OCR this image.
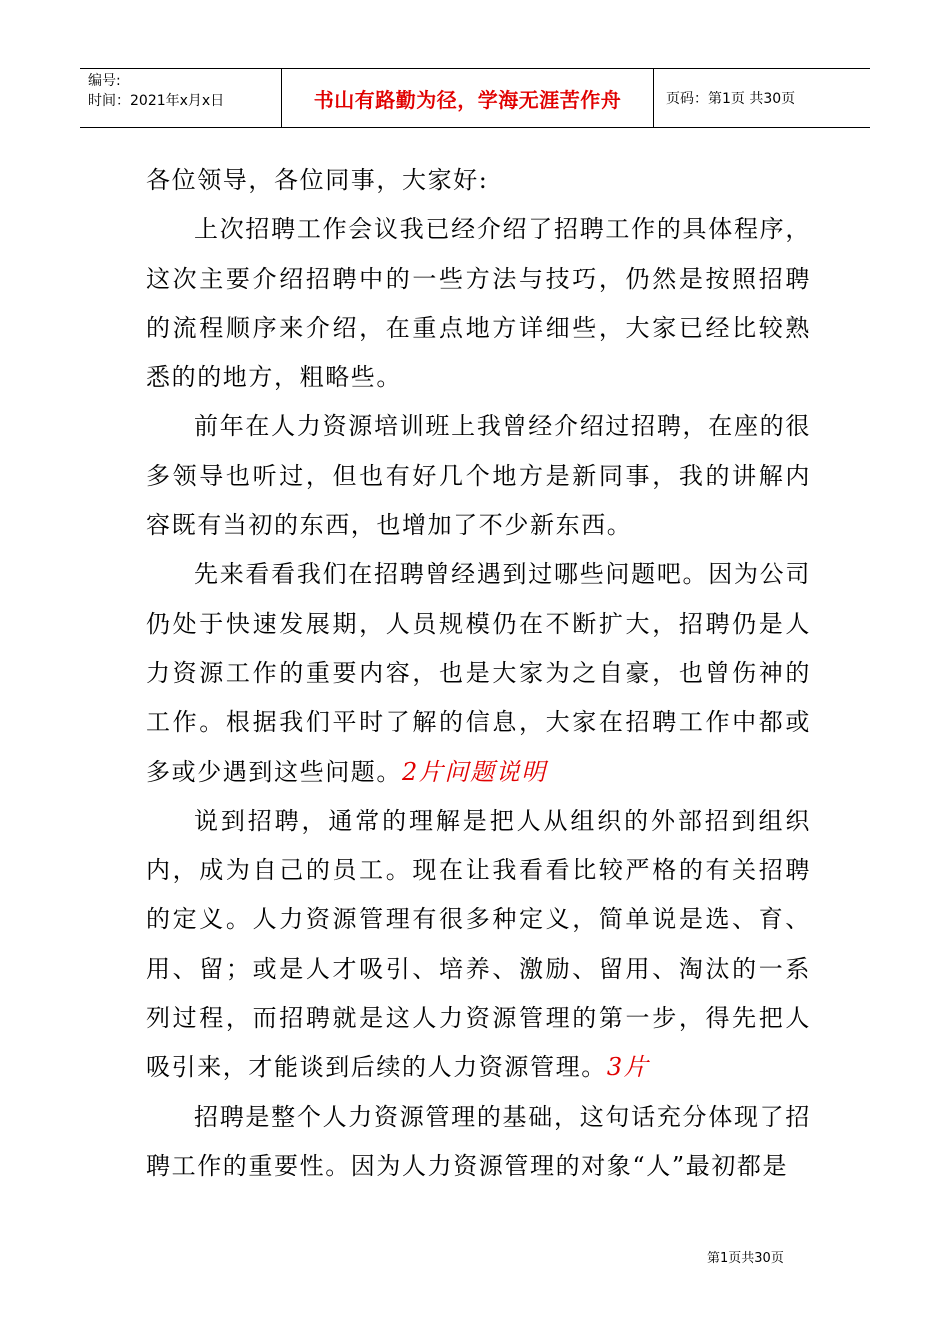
编号:
时间：2021年x月x日	书山有路勤为径，学海无涯苦作舟	页码：第1页 共30页

各位领导，各位同事，大家好:

上次招聘工作会议我已经介绍了招聘工作的具体程序，这次主要介绍招聘中的一些方法与技巧，仍然是按照招聘的流程顺序来介绍，在重点地方详细些，大家已经比较熟悉的的地方，粗略些。

前年在人力资源培训班上我曾经介绍过招聘，在座的很多领导也听过，但也有好几个地方是新同事，我的讲解内容既有当初的东西，也增加了不少新东西。

先来看看我们在招聘曾经遇到过哪些问题吧。因为公司仍处于快速发展期，人员规模仍在不断扩大，招聘仍是人力资源工作的重要内容，也是大家为之自豪，也曾伤神的工作。根据我们平时了解的信息，大家在招聘工作中都或多或少遇到这些问题。2片问题说明

说到招聘，通常的理解是把人从组织的外部招到组织内，成为自己的员工。现在让我看看比较严格的有关招聘的定义。人力资源管理有很多种定义，简单说是选、育、用、留；或是人才吸引、培养、激励、留用、淘汰的一系列过程，而招聘就是这人力资源管理的第一步，得先把人吸引来，才能谈到后续的人力资源管理。3片

招聘是整个人力资源管理的基础，这句话充分体现了招聘工作的重要性。因为人力资源管理的对象“人”最初都是

第1页共30页
